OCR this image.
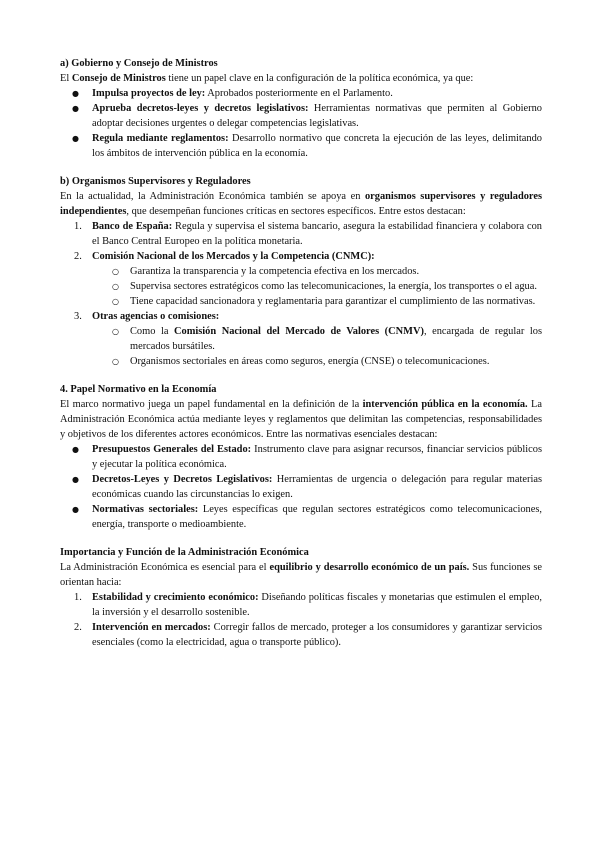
a) Gobierno y Consejo de Ministros

El Consejo de Ministros tiene un papel clave en la configuración de la política económica, ya que:

● Impulsa proyectos de ley: Aprobados posteriormente en el Parlamento.
● Aprueba decretos-leyes y decretos legislativos: Herramientas normativas que permiten al Gobierno adoptar decisiones urgentes o delegar competencias legislativas.
● Regula mediante reglamentos: Desarrollo normativo que concreta la ejecución de las leyes, delimitando los ámbitos de intervención pública en la economía.

b) Organismos Supervisores y Reguladores

En la actualidad, la Administración Económica también se apoya en organismos supervisores y reguladores independientes, que desempeñan funciones críticas en sectores específicos. Entre estos destacan:

1. Banco de España: Regula y supervisa el sistema bancario, asegura la estabilidad financiera y colabora con el Banco Central Europeo en la política monetaria.
2. Comisión Nacional de los Mercados y la Competencia (CNMC):
○ Garantiza la transparencia y la competencia efectiva en los mercados.
○ Supervisa sectores estratégicos como las telecomunicaciones, la energía, los transportes o el agua.
○ Tiene capacidad sancionadora y reglamentaria para garantizar el cumplimiento de las normativas.
3. Otras agencias o comisiones:
○ Como la Comisión Nacional del Mercado de Valores (CNMV), encargada de regular los mercados bursátiles.
○ Organismos sectoriales en áreas como seguros, energía (CNSE) o telecomunicaciones.

4. Papel Normativo en la Economía

El marco normativo juega un papel fundamental en la definición de la intervención pública en la economía. La Administración Económica actúa mediante leyes y reglamentos que delimitan las competencias, responsabilidades y objetivos de los diferentes actores económicos. Entre las normativas esenciales destacan:

● Presupuestos Generales del Estado: Instrumento clave para asignar recursos, financiar servicios públicos y ejecutar la política económica.
● Decretos-Leyes y Decretos Legislativos: Herramientas de urgencia o delegación para regular materias económicas cuando las circunstancias lo exigen.
● Normativas sectoriales: Leyes específicas que regulan sectores estratégicos como telecomunicaciones, energía, transporte o medioambiente.

Importancia y Función de la Administración Económica

La Administración Económica es esencial para el equilibrio y desarrollo económico de un país. Sus funciones se orientan hacia:

1. Estabilidad y crecimiento económico: Diseñando políticas fiscales y monetarias que estimulen el empleo, la inversión y el desarrollo sostenible.
2. Intervención en mercados: Corregir fallos de mercado, proteger a los consumidores y garantizar servicios esenciales (como la electricidad, agua o transporte público).
